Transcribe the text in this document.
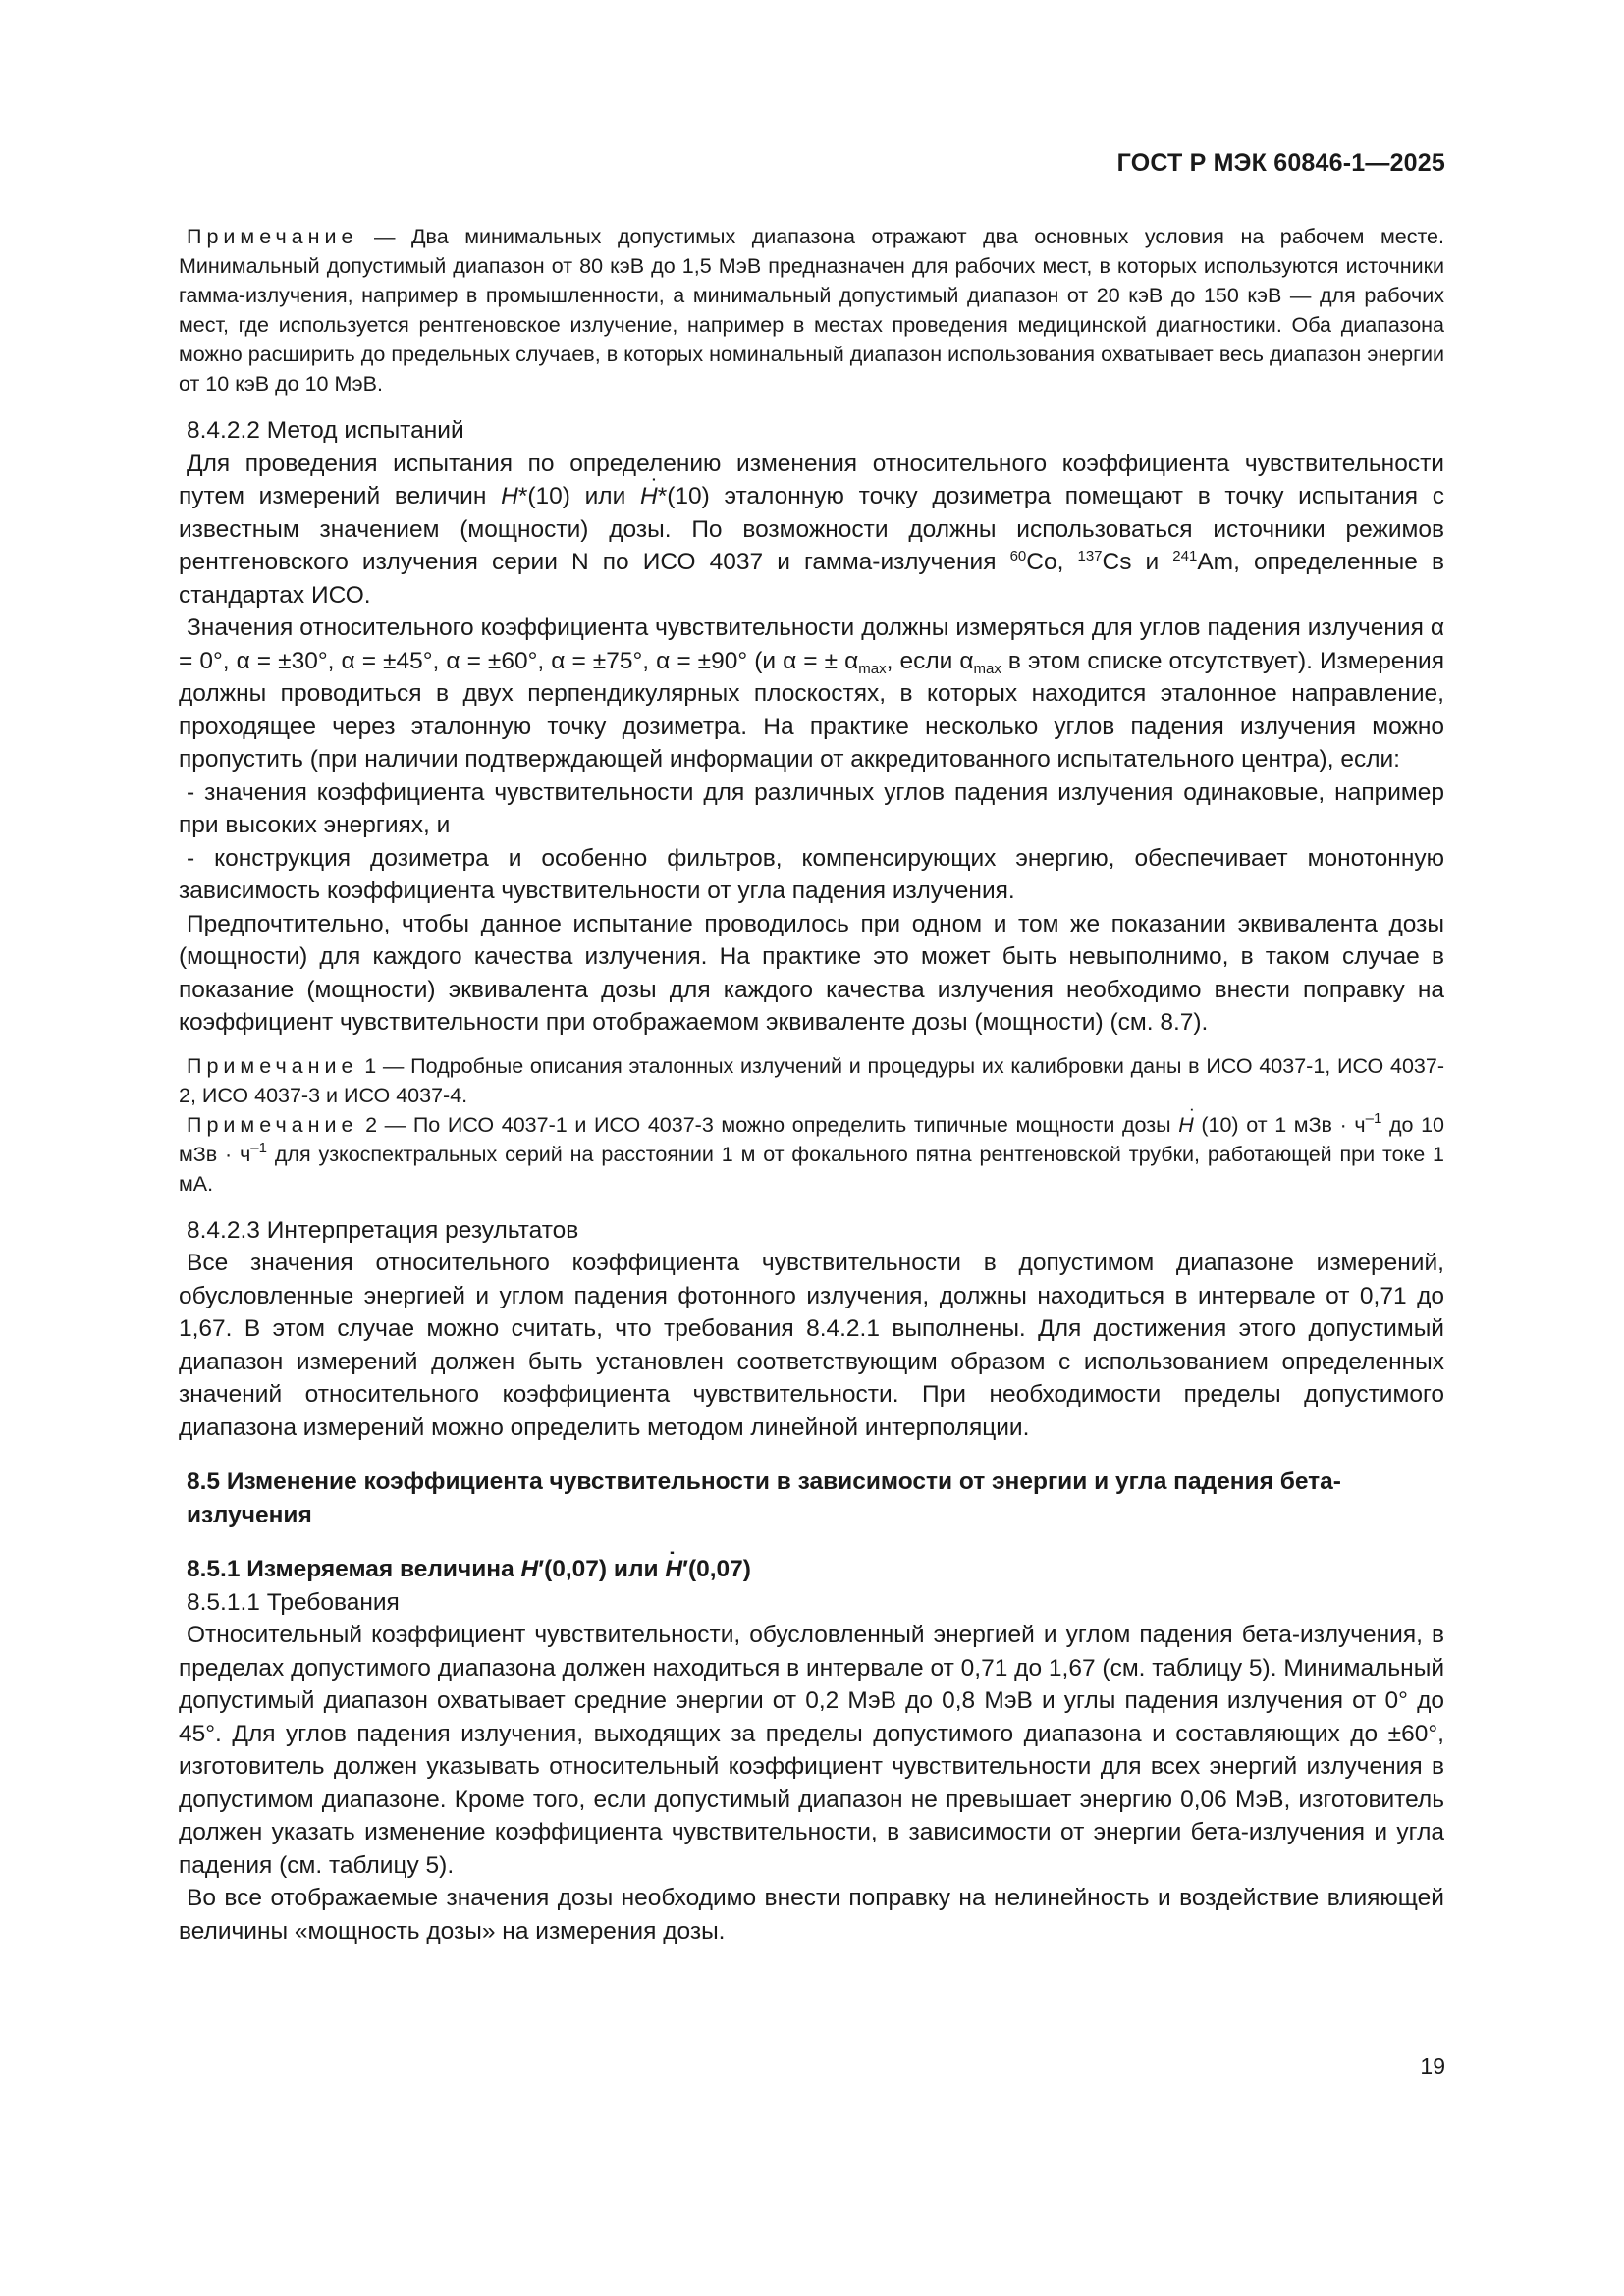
ГОСТ Р МЭК 60846-1—2025

Примечание — Два минимальных допустимых диапазона отражают два основных условия на рабочем месте. Минимальный допустимый диапазон от 80 кэВ до 1,5 МэВ предназначен для рабочих мест, в которых используются источники гамма-излучения, например в промышленности, а минимальный допустимый диапазон от 20 кэВ до 150 кэВ — для рабочих мест, где используется рентгеновское излучение, например в местах проведения медицинской диагностики. Оба диапазона можно расширить до предельных случаев, в которых номинальный диапазон использования охватывает весь диапазон энергии от 10 кэВ до 10 МэВ.

8.4.2.2 Метод испытаний

Для проведения испытания по определению изменения относительного коэффициента чувствительности путем измерений величин H*(10) или ˙ H*(10) эталонную точку дозиметра помещают в точку испытания с известным значением (мощности) дозы. По возможности должны использоваться источники режимов рентгеновского излучения серии N по ИСО 4037 и гамма-излучения $^{60}$Co, $^{137}$Cs и $^{241}$Am, определенные в стандартах ИСО.

Значения относительного коэффициента чувствительности должны измеряться для углов падения излучения α = 0°, α = ±30°, α = ±45°, α = ±60°, α = ±75°, α = ±90° (и α = ± $\alpha_{max}$, если $\alpha_{max}$ в этом списке отсутствует). Измерения должны проводиться в двух перпендикулярных плоскостях, в которых находится эталонное направление, проходящее через эталонную точку дозиметра. На практике несколько углов падения излучения можно пропустить (при наличии подтверждающей информации от аккредитованного испытательного центра), если:

- значения коэффициента чувствительности для различных углов падения излучения одинаковые, например при высоких энергиях, и

- конструкция дозиметра и особенно фильтров, компенсирующих энергию, обеспечивает монотонную зависимость коэффициента чувствительности от угла падения излучения.

Предпочтительно, чтобы данное испытание проводилось при одном и том же показании эквивалента дозы (мощности) для каждого качества излучения. На практике это может быть невыполнимо, в таком случае в показание (мощности) эквивалента дозы для каждого качества излучения необходимо внести поправку на коэффициент чувствительности при отображаемом эквиваленте дозы (мощности) (см. 8.7).

Примечание 1 — Подробные описания эталонных излучений и процедуры их калибровки даны в ИСО 4037-1, ИСО 4037-2, ИСО 4037-3 и ИСО 4037-4.

Примечание 2 — По ИСО 4037-1 и ИСО 4037-3 можно определить типичные мощности дозы ˙ H (10) от 1 мЗв · $ч^{-1}$ до 10 мЗв · $ч^{-1}$ для узкоспектральных серий на расстоянии 1 м от фокального пятна рентгеновской трубки, работающей при токе 1 мА.

8.4.2.3 Интерпретация результатов

Все значения относительного коэффициента чувствительности в допустимом диапазоне измерений, обусловленные энергией и углом падения фотонного излучения, должны находиться в интервале от 0,71 до 1,67. В этом случае можно считать, что требования 8.4.2.1 выполнены. Для достижения этого допустимый диапазон измерений должен быть установлен соответствующим образом с использованием определенных значений относительного коэффициента чувствительности. При необходимости пределы допустимого диапазона измерений можно определить методом линейной интерполяции.

8.5 Изменение коэффициента чувствительности в зависимости от энергии и угла падения бета-излучения

8.5.1 Измеряемая величина H′(0,07) или ˙ H′(0,07)

8.5.1.1 Требования

Относительный коэффициент чувствительности, обусловленный энергией и углом падения бета-излучения, в пределах допустимого диапазона должен находиться в интервале от 0,71 до 1,67 (см. таблицу 5). Минимальный допустимый диапазон охватывает средние энергии от 0,2 МэВ до 0,8 МэВ и углы падения излучения от 0° до 45°. Для углов падения излучения, выходящих за пределы допустимого диапазона и составляющих до ±60°, изготовитель должен указывать относительный коэффициент чувствительности для всех энергий излучения в допустимом диапазоне. Кроме того, если допустимый диапазон не превышает энергию 0,06 МэВ, изготовитель должен указать изменение коэффициента чувствительности, в зависимости от энергии бета-излучения и угла падения (см. таблицу 5).

Во все отображаемые значения дозы необходимо внести поправку на нелинейность и воздействие влияющей величины «мощность дозы» на измерения дозы.

19
